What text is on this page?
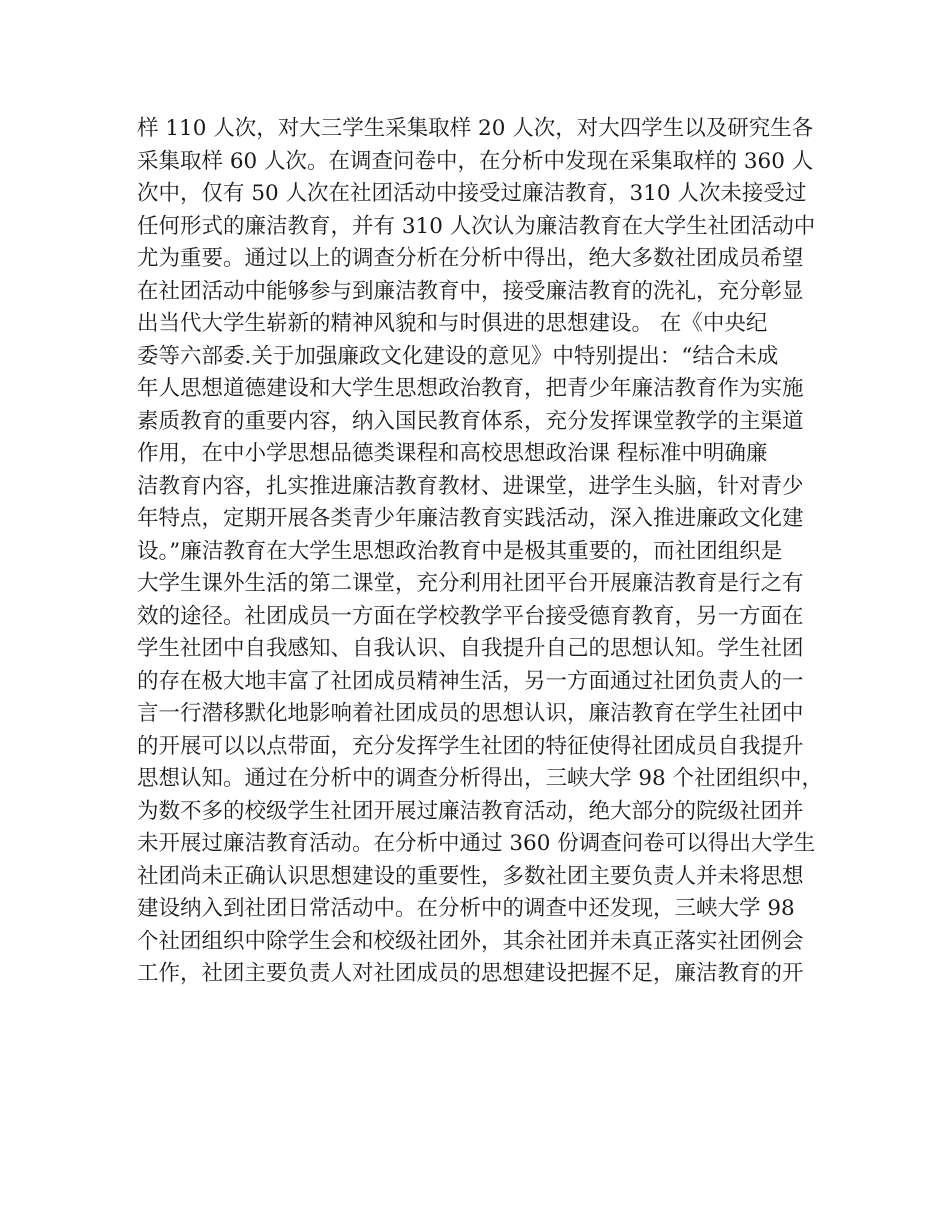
样 110 人次，对大三学生采集取样 20 人次，对大四学生以及研究生各
采集取样 60 人次。在调查问卷中，在分析中发现在采集取样的 360 人
次中，仅有 50 人次在社团活动中接受过廉洁教育，310 人次未接受过
任何形式的廉洁教育，并有 310 人次认为廉洁教育在大学生社团活动中
尤为重要。通过以上的调查分析在分析中得出，绝大多数社团成员希望
在社团活动中能够参与到廉洁教育中，接受廉洁教育的洗礼，充分彰显
出当代大学生崭新的精神风貌和与时俱进的思想建设。 在《中央纪
委等六部委.关于加强廉政文化建设的意见》中特别提出：“结合未成
年人思想道德建设和大学生思想政治教育，把青少年廉洁教育作为实施
素质教育的重要内容，纳入国民教育体系，充分发挥课堂教学的主渠道
作用，在中小学思想品德类课程和高校思想政治课 程标准中明确廉
洁教育内容，扎实推进廉洁教育教材、进课堂，进学生头脑，针对青少
年特点，定期开展各类青少年廉洁教育实践活动，深入推进廉政文化建
设。”廉洁教育在大学生思想政治教育中是极其重要的，而社团组织是
大学生课外生活的第二课堂，充分利用社团平台开展廉洁教育是行之有
效的途径。社团成员一方面在学校教学平台接受德育教育，另一方面在
学生社团中自我感知、自我认识、自我提升自己的思想认知。学生社团
的存在极大地丰富了社团成员精神生活，另一方面通过社团负责人的一
言一行潜移默化地影响着社团成员的思想认识，廉洁教育在学生社团中
的开展可以以点带面，充分发挥学生社团的特征使得社团成员自我提升
思想认知。通过在分析中的调查分析得出，三峡大学 98 个社团组织中，
为数不多的校级学生社团开展过廉洁教育活动，绝大部分的院级社团并
未开展过廉洁教育活动。在分析中通过 360 份调查问卷可以得出大学生
社团尚未正确认识思想建设的重要性，多数社团主要负责人并未将思想
建设纳入到社团日常活动中。在分析中的调查中还发现，三峡大学 98
个社团组织中除学生会和校级社团外，其余社团并未真正落实社团例会
工作，社团主要负责人对社团成员的思想建设把握不足，廉洁教育的开
